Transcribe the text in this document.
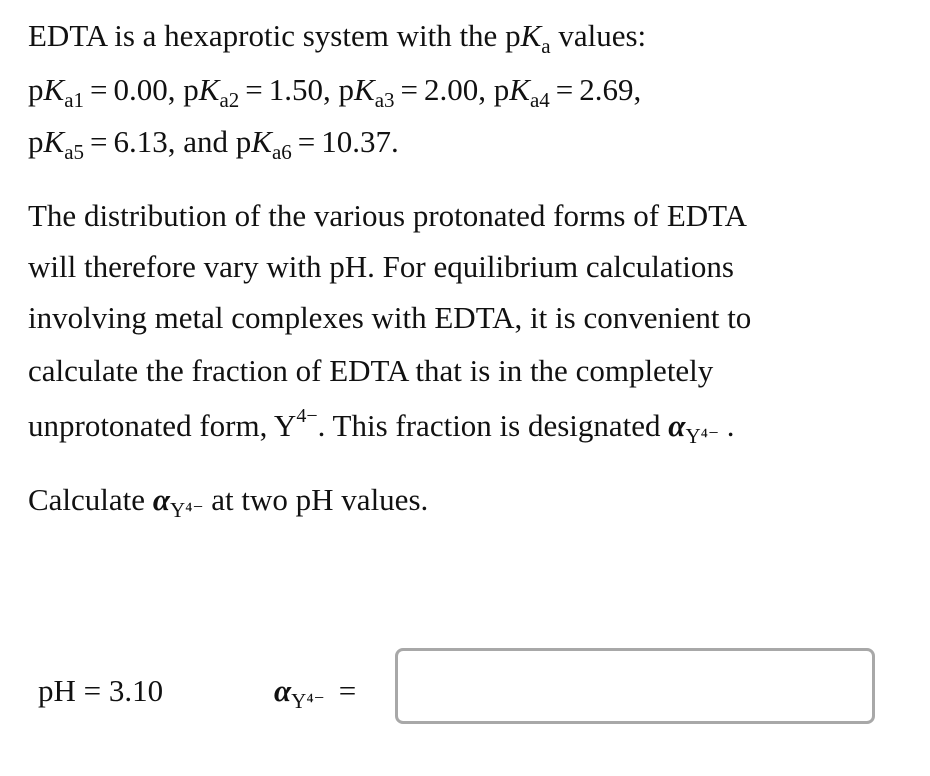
EDTA is a hexaprotic system with the $pK_a$ values:
$pK_{a1} = 0.00$, $pK_{a2} = 1.50$, $pK_{a3} = 2.00$, $pK_{a4} = 2.69$,
$pK_{a5} = 6.13$, and $pK_{a6} = 10.37$.
The distribution of the various protonated forms of EDTA
will therefore vary with pH. For equilibrium calculations
involving metal complexes with EDTA, it is convenient to
calculate the fraction of EDTA that is in the completely
unprotonated form, $Y^{4-}$. This fraction is designated $\alpha_{Y^{4-}}$ .
Calculate $\alpha_{Y^{4-}}$ at two pH values.
pH = 3.10	$\alpha_{Y^{4-}}$ =
